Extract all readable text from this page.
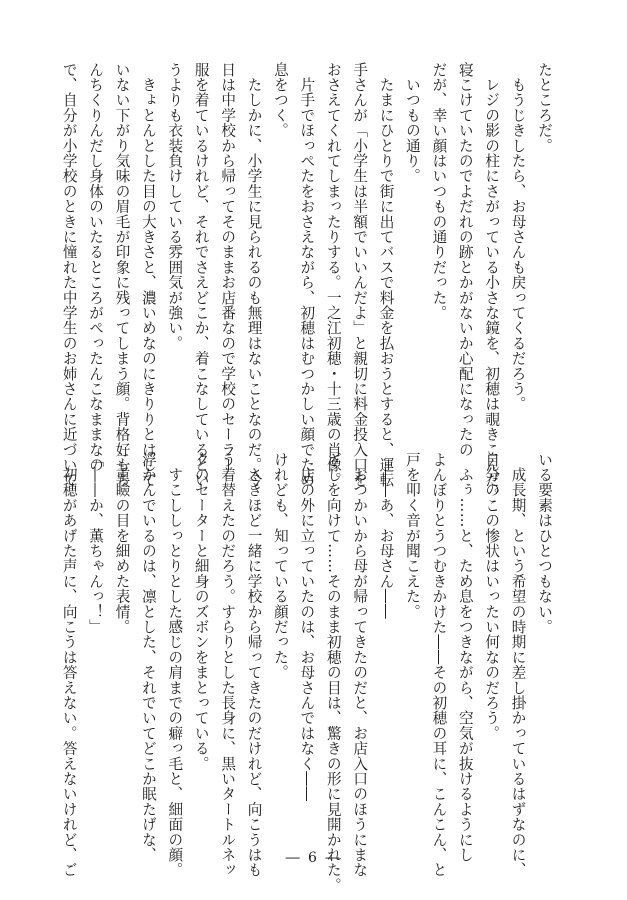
たところだ。
　もうじきしたら、お母さんも戻ってくるだろう。
　レジの影の柱にさがっている小さな鏡を、初穂は覗きこんだ。
寝こけていたのでよだれの跡とかがないか心配になったの
だが、幸い顔はいつもの通りだった。
　いつもの通り。
　たまにひとりで街に出てバスで料金を払おうとすると、運転
手さんが「小学生は半額でいいんだよ」と親切に料金投入口を
おさえてくれてしまったりする。一之江初穂・十三歳の肖像。
　片手でほっぺたをおさえながら、初穂はむつかしい顔でため
息をつく。
　たしかに、小学生に見られるのも無理はないことなのだ。今
日は中学校から帰ってそのままお店番なので学校のセーラー
服を着ているけれど、それでさえどこか、着こなしているとい
うよりも衣装負けしている雰囲気が強い。
　きょとんとした目の大きさと、濃いめなのにきりりとはして
いない下がり気味の眉毛が印象に残ってしまう顔。背格好もち
んちくりんだし身体のいたるところがぺったんこなままなの
で、自分が小学校のときに憧れた中学生のお姉さんに近づいて
いる要素はひとつもない。
　成長期、という希望の時期に差し掛かっているはずなのに、
自分のこの惨状はいったい何なのだろう。
　ふぅ……と、ため息をつきながら、空気が抜けるようにし
よんぼりとうつむきかけた――その初穂の耳に、こんこん、と
戸を叩く音が聞こえた。
　――あ、お母さん――
　おつかいから母が帰ってきたのだと、お店入口のほうにまな
ざしを向けて……そのまま初穂の目は、驚きの形に見開かれた。
　店の外に立っていたのは、お母さんではなく――
けれども、知っている顔だった。
　さきほど一緒に学校から帰ってきたのだけれど、向こうはも
う着替えたのだろう。すらりとした長身に、黒いタートルネッ
クのセーターと細身のズボンをまとっている。
　すこししっとりとした感じの肩までの癖っ毛と、細面の顔。
浮かんでいるのは、凛とした、それでいてどこか眠たげな、
二重瞼の目を細めた表情。
「――か、薫ちゃんっ！」
　初穂があげた声に、向こうは答えない。答えないけれど、ご	― 6 ―
